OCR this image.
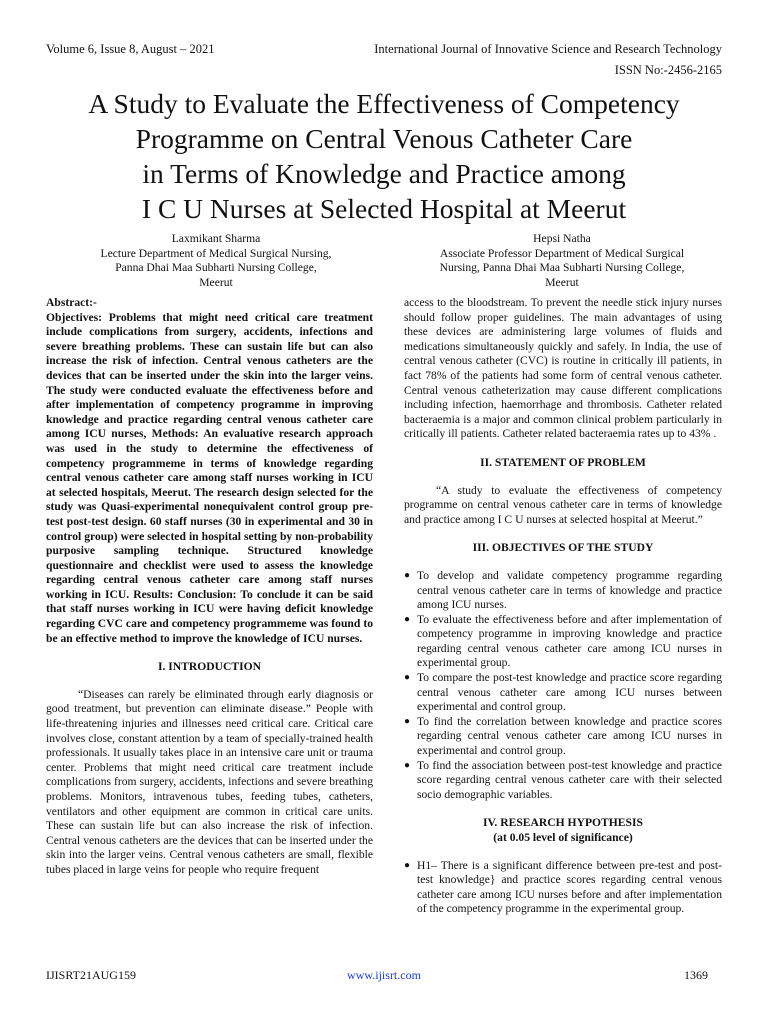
Volume 6, Issue 8, August – 2021	International Journal of Innovative Science and Research Technology
ISSN No:-2456-2165
A Study to Evaluate the Effectiveness of Competency
Programme on Central Venous Catheter Care
in Terms of Knowledge and Practice among
I C U Nurses at Selected Hospital at Meerut
Laxmikant Sharma
Lecture Department of Medical Surgical Nursing,
Panna Dhai Maa Subharti Nursing College,
Meerut
Hepsi Natha
Associate Professor Department of Medical Surgical
Nursing, Panna Dhai Maa Subharti Nursing College,
Meerut

Abstract:-

Objectives: Problems that might need critical care treatment include complications from surgery, accidents, infections and severe breathing problems. These can sustain life but can also increase the risk of infection. Central venous catheters are the devices that can be inserted under the skin into the larger veins. The study were conducted evaluate the effectiveness before and after implementation of competency programme in improving knowledge and practice regarding central venous catheter care among ICU nurses, Methods: An evaluative research approach was used in the study to determine the effectiveness of competency programmeme in terms of knowledge regarding central venous catheter care among staff nurses working in ICU at selected hospitals, Meerut. The research design selected for the study was Quasi-experimental nonequivalent control group pre-test post-test design. 60 staff nurses (30 in experimental and 30 in control group) were selected in hospital setting by non-probability purposive sampling technique. Structured knowledge questionnaire and checklist were used to assess the knowledge regarding central venous catheter care among staff nurses working in ICU. Results: Conclusion: To conclude it can be said that staff nurses working in ICU were having deficit knowledge regarding CVC care and competency programmeme was found to be an effective method to improve the knowledge of ICU nurses.

I. INTRODUCTION

“Diseases can rarely be eliminated through early diagnosis or good treatment, but prevention can eliminate disease.” People with life-threatening injuries and illnesses need critical care. Critical care involves close, constant attention by a team of specially-trained health professionals. It usually takes place in an intensive care unit or trauma center. Problems that might need critical care treatment include complications from surgery, accidents, infections and severe breathing problems. Monitors, intravenous tubes, feeding tubes, catheters, ventilators and other equipment are common in critical care units. These can sustain life but can also increase the risk of infection. Central venous catheters are the devices that can be inserted under the skin into the larger veins. Central venous catheters are small, flexible tubes placed in large veins for people who require frequent

access to the bloodstream. To prevent the needle stick injury nurses should follow proper guidelines. The main advantages of using these devices are administering large volumes of fluids and medications simultaneously quickly and safely. In India, the use of central venous catheter (CVC) is routine in critically ill patients, in fact 78% of the patients had some form of central venous catheter. Central venous catheterization may cause different complications including infection, haemorrhage and thrombosis. Catheter related bacteraemia is a major and common clinical problem particularly in critically ill patients. Catheter related bacteraemia rates up to 43% .

II. STATEMENT OF PROBLEM

“A study to evaluate the effectiveness of competency programme on central venous catheter care in terms of knowledge and practice among I C U nurses at selected hospital at Meerut.”

III. OBJECTIVES OF THE STUDY

● To develop and validate competency programme regarding central venous catheter care in terms of knowledge and practice among ICU nurses.
● To evaluate the effectiveness before and after implementation of competency programme in improving knowledge and practice regarding central venous catheter care among ICU nurses in experimental group.
● To compare the post-test knowledge and practice score regarding central venous catheter care among ICU nurses between experimental and control group.
● To find the correlation between knowledge and practice scores regarding central venous catheter care among ICU nurses in experimental and control group.
● To find the association between post-test knowledge and practice score regarding central venous catheter care with their selected socio demographic variables.

IV. RESEARCH HYPOTHESIS

(at 0.05 level of significance)

● H1– There is a significant difference between pre-test and post-test knowledge} and practice scores regarding central venous catheter care among ICU nurses before and after implementation of the competency programme in the experimental group.
IJISRT21AUG159	www.ijisrt.com	1369
